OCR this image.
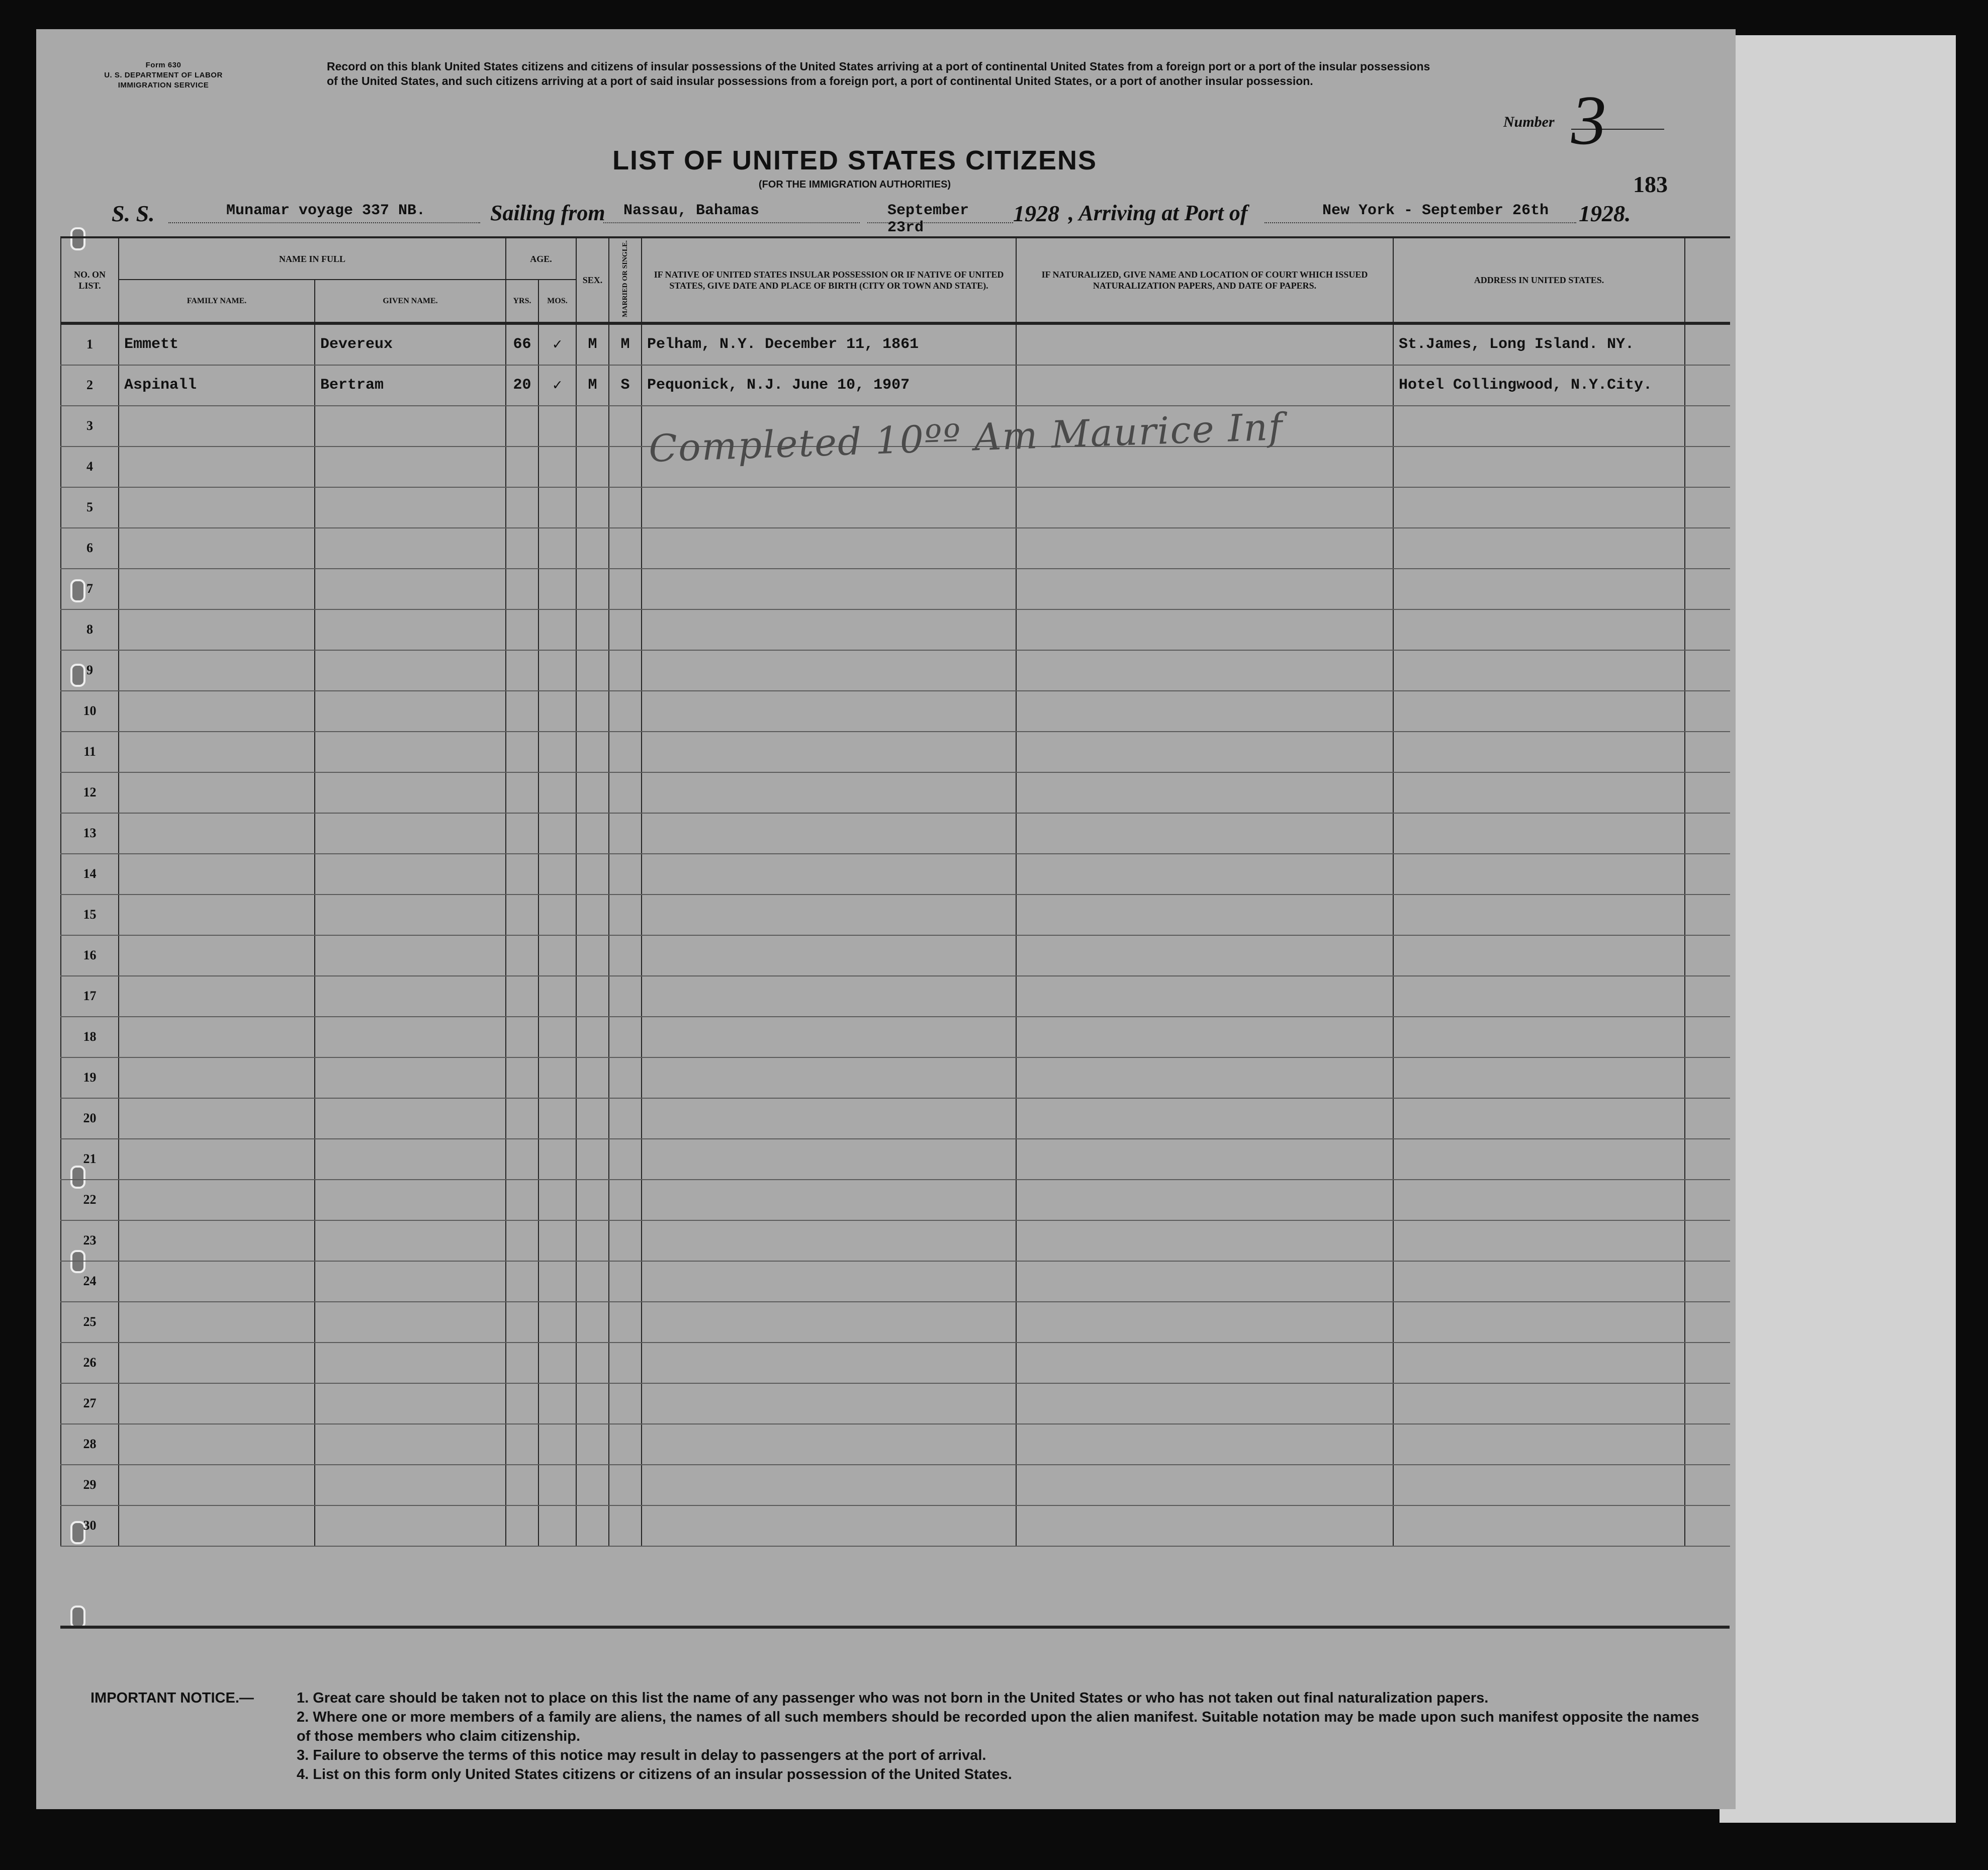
Form 630
U. S. DEPARTMENT OF LABOR
IMMIGRATION SERVICE
Record on this blank United States citizens and citizens of insular possessions of the United States arriving at a port of continental United States from a foreign port or a port of the insular possessions of the United States, and such citizens arriving at a port of said insular possessions from a foreign port, a port of continental United States, or a port of another insular possession.
Number 3
183
LIST OF UNITED STATES CITIZENS
(FOR THE IMMIGRATION AUTHORITIES)
S. S.	Munamar voyage 337 NB.	Sailing from Nassau, Bahamas	September 23rd
1928 , Arriving at Port of	New York - September 26th 1928.
NO. ON LIST.	NAME IN FULL		AGE.		SEX.	MARRIED OR SINGLE.	IF NATIVE OF UNITED STATES INSULAR POSSESSION OR IF NATIVE OF UNITED STATES, GIVE DATE AND PLACE OF BIRTH (CITY OR TOWN AND STATE).	IF NATURALIZED, GIVE NAME AND LOCATION OF COURT WHICH ISSUED NATURALIZATION PAPERS, AND DATE OF PAPERS.	ADDRESS IN UNITED STATES.	
	FAMILY NAME.	GIVEN NAME.	YRS.	MOS.						
1	Emmett	Devereux	66	✓	M	M	Pelham, N.Y. December 11, 1861		St.James, Long Island. NY.	
2	Aspinall	Bertram	20	✓	M	S	Pequonick, N.J. June 10, 1907		Hotel Collingwood, N.Y.City.	
3										
4										
5										
6										
7										
8										
9										
10										
11										
12										
13										
14										
15										
16										
17										
18										
19										
20										
21										
22										
23										
24										
25										
26										
27										
28										
29										
30										
Completed 10ºº Am Maurice Inf
IMPORTANT NOTICE.—	1. Great care should be taken not to place on this list the name of any passenger who was not born in the United States or who has not taken out final naturalization papers.
2. Where one or more members of a family are aliens, the names of all such members should be recorded upon the alien manifest. Suitable notation may be made upon such manifest opposite the names of those members who claim citizenship.
3. Failure to observe the terms of this notice may result in delay to passengers at the port of arrival.
4. List on this form only United States citizens or citizens of an insular possession of the United States.
